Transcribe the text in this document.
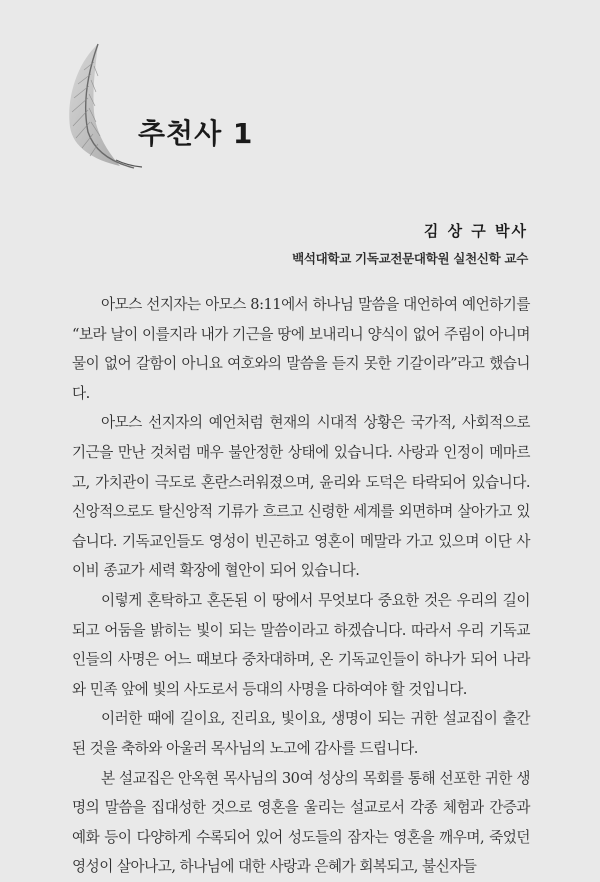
추천사 1
김 상 구 박사
백석대학교 기독교전문대학원 실천신학 교수

아모스 선지자는 아모스 8:11에서 하나님 말씀을 대언하여 예언하기를 “보라 날이 이를지라 내가 기근을 땅에 보내리니 양식이 없어 주림이 아니며 물이 없어 갈함이 아니요 여호와의 말씀을 듣지 못한 기갈이라”라고 했습니다.

아모스 선지자의 예언처럼 현재의 시대적 상황은 국가적, 사회적으로 기근을 만난 것처럼 매우 불안정한 상태에 있습니다. 사랑과 인정이 메마르고, 가치관이 극도로 혼란스러워졌으며, 윤리와 도덕은 타락되어 있습니다. 신앙적으로도 탈신앙적 기류가 흐르고 신령한 세계를 외면하며 살아가고 있습니다. 기독교인들도 영성이 빈곤하고 영혼이 메말라 가고 있으며 이단 사이비 종교가 세력 확장에 혈안이 되어 있습니다.

이렇게 혼탁하고 혼돈된 이 땅에서 무엇보다 중요한 것은 우리의 길이 되고 어둠을 밝히는 빛이 되는 말씀이라고 하겠습니다. 따라서 우리 기독교인들의 사명은 어느 때보다 중차대하며, 온 기독교인들이 하나가 되어 나라와 민족 앞에 빛의 사도로서 등대의 사명을 다하여야 할 것입니다.

이러한 때에 길이요, 진리요, 빛이요, 생명이 되는 귀한 설교집이 출간된 것을 축하와 아울러 목사님의 노고에 감사를 드립니다.

본 설교집은 안옥현 목사님의 30여 성상의 목회를 통해 선포한 귀한 생명의 말씀을 집대성한 것으로 영혼을 울리는 설교로서 각종 체험과 간증과 예화 등이 다양하게 수록되어 있어 성도들의 잠자는 영혼을 깨우며, 죽었던 영성이 살아나고, 하나님에 대한 사랑과 은혜가 회복되고, 불신자들
